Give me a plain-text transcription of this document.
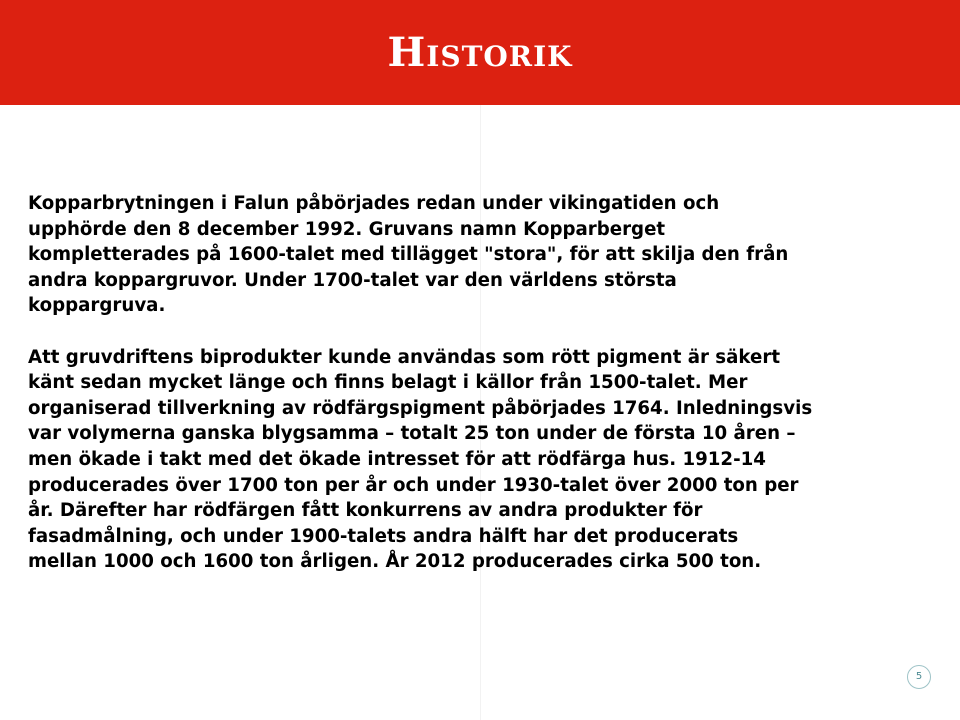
Historik

Kopparbrytningen i Falun påbörjades redan under vikingatiden och
upphörde den 8 december 1992. Gruvans namn Kopparberget
kompletterades på 1600-talet med tillägget "stora", för att skilja den från
andra koppargruvor. Under 1700-talet var den världens största
koppargruva.

Att gruvdriftens biprodukter kunde användas som rött pigment är säkert
känt sedan mycket länge och finns belagt i källor från 1500-talet. Mer
organiserad tillverkning av rödfärgspigment påbörjades 1764. Inledningsvis
var volymerna ganska blygsamma – totalt 25 ton under de första 10 åren –
men ökade i takt med det ökade intresset för att rödfärga hus. 1912-14
producerades över 1700 ton per år och under 1930-talet över 2000 ton per
år. Därefter har rödfärgen fått konkurrens av andra produkter för
fasadmålning, och under 1900-talets andra hälft har det producerats
mellan 1000 och 1600 ton årligen. År 2012 producerades cirka 500 ton.

5
